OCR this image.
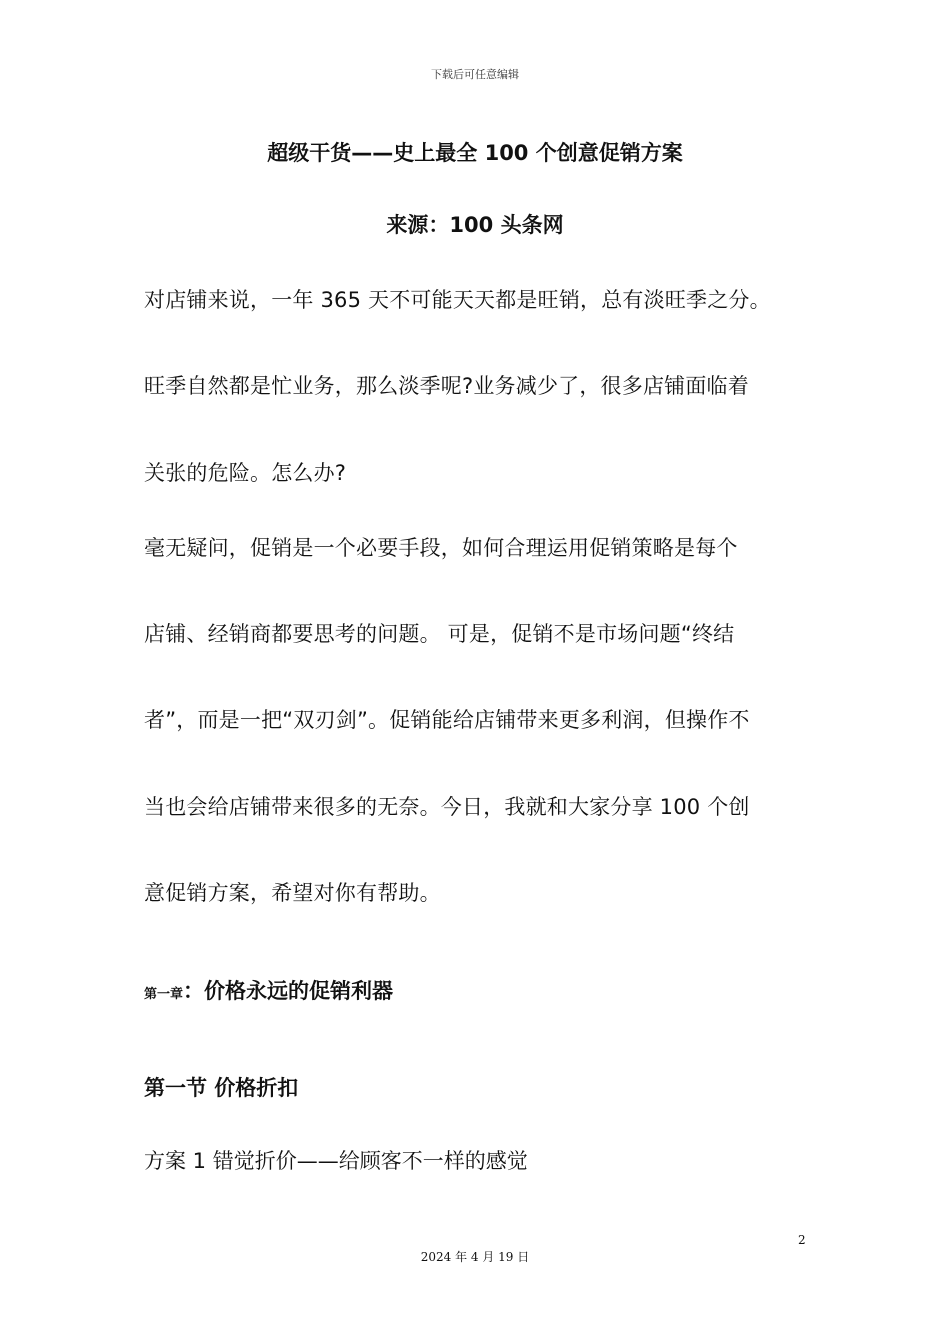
下载后可任意编辑
超级干货——史上最全 100 个创意促销方案
来源：100 头条网
对店铺来说，一年 365 天不可能天天都是旺销，总有淡旺季之分。
旺季自然都是忙业务，那么淡季呢?业务减少了，很多店铺面临着
关张的危险。怎么办?
毫无疑问，促销是一个必要手段，如何合理运用促销策略是每个
店铺、经销商都要思考的问题。 可是，促销不是市场问题“终结
者”，而是一把“双刃剑”。促销能给店铺带来更多利润，但操作不
当也会给店铺带来很多的无奈。今日，我就和大家分享 100 个创
意促销方案，希望对你有帮助。
第一章：价格永远的促销利器
第一节 价格折扣
方案 1 错觉折价——给顾客不一样的感觉
2
2024 年 4 月 19 日
